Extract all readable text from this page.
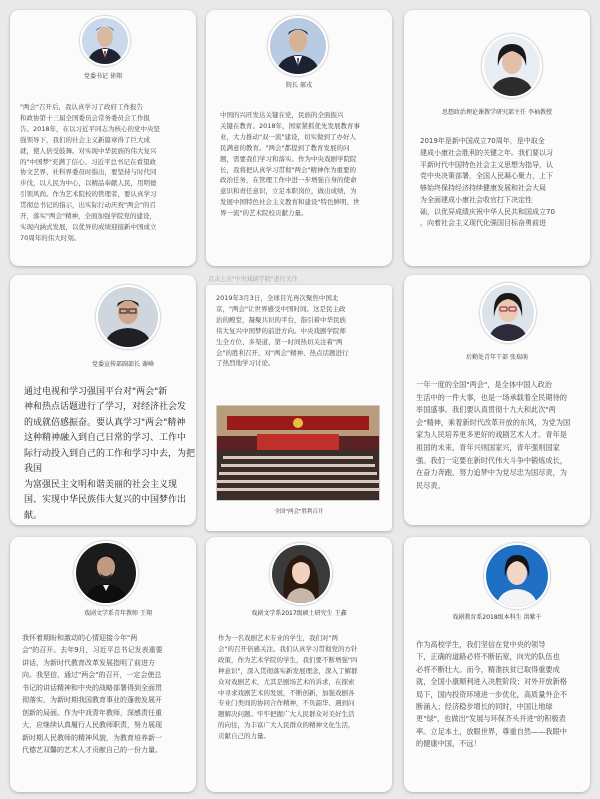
党委书记 徐翔
"两会"召开后，我认真学习了政府工作报告
和政协第十三届全国委员会常务委员会工作报
告。2018年，在以习近平同志为核心的党中央坚
强领导下，我们的社会主义新篇章得了巨大成
就，使人倍受鼓舞。对实现中华民族的伟大复兴
的"中国梦"充满了信心。习近平总书记在看望政
协文艺界、社科界委员时指出，要坚持与时代同
步伐，以人民为中心，以精品奉献人民，用明德
引领风尚。作为艺术院校的管理者，要认真学习
贯彻总书记的指示，出实际行动庆祝"两会"的召
开，落实"两会"精神，全面加强学院党的建设，
实现内涵式发展，以优异的成绩迎接新中国成立
70周年的伟大时刻。
院长 郝戎
中国的兴旺发达关键在党，民族的全面振兴
关键在教育。2018年，国家紧抓优先发展教育事
业，大力推动"双一流"建设，切实做到了办好人
民满意的教育。"两会"都提到了教育发展的问
题，需要我们学习和落实。作为中央戏剧学院院
长，我将把认真学习贯彻"两会"精神作为重要的
政治任务，在管理工作中进一步增强自身的使命
意识和责任意识，立足本职岗位，做出成绩，为
发展中国特色社会主义教育和建设"特色鲜明、世
界一流"的艺术院校贡献力量。
思想政治理论课教学研究部主任 李袖教授
2019年是新中国成立70周年，是中取全
建成小康社会胜利的关键之年。我们要以习
平新时代中国特色社会主义思想为指导，认
党中央决策部署，全国人民凝心聚力，上下
够始终保持经济持续健康发展和社会大局
为全面建成小康社会收官打下决定性
础，以优异成绩庆祝中华人民共和国成立70
，向着社会主义现代化强国目标奋勇前进
党委宣传部副部长 谢峰
通过电视和学习强国平台对"两会"新
神和热点话题进行了学习，对经济社会发
的成就倍感振奋。要认真学习"两会"精神
这种精神融入到自己日常的学习、工作中
际行动投入到自己的工作和学习中去，为把我国
为富强民主文明和谐美丽的社会主义现
国、实现中华民族伟大复兴的中国梦作出
献。
点击上方"中央戏剧学院"进行关注
2019年3月3日，全球目光再次聚焦中国北
京，"两会"让世界感受中国时间。这是民主政
治的殿堂，凝聚共识的平台，指引着中华民族
伟大复兴中国梦的前进方向。中央戏剧学院师
生全方位、多渠道、第一时间热切关注着"两
会"的胜利召开，对"两会"精神、热点话题进行
了热烈地学习讨论。
全国"两会"胜利召开
后勤处青年干部 张瑞萌
一年一度的全国"两会"，是全体中国人政治
生活中的一件大事，也是一场承载着全民期待的
举国盛事。我们要认真贯彻十九大和此次"两
会"精神，乘着新时代改革开放的东风，为党为国
家为人民培养更多更好的戏剧艺术人才。青年是
祖国的未来，青年兴则国家兴，青年强则国家
强。我们一定要在新时代伟大斗争中锻炼成长，
在奋力奔跑、努力追梦中为党尽忠为国尽责，为
民尽责。
戏剧文学系青年教师 王翔
我怀着期盼和激动的心情迎接今年"两
会"的召开。去年9月，习近平总书记发表重要
讲话，为新时代教育改革发展指明了前进方
向。我坚信，通过"两会"的召开，一定会使总
书记的讲话精神和中央的战略部署得到全面贯
彻落实，为新时期我国教育事业的蓬勃发展开
创新的局面。作为中戏青年教师，深感责任重
大，应继续认真履行人民教师职责，努力展现
新时期人民教师的精神风貌，为教育培养新一
代德艺双馨的艺术人才贡献自己的一份力量。
戏剧文学系2017级硕士研究生 王鑫
作为一名戏剧艺术专业的学生，我们对"两
会"的召开倍感关注。我们认真学习贯彻党的方针
政策，作为艺术学院的学生，我们要不断增强"四
种意识"，深入贯彻落实新发展理念，深入了解群
众对戏剧艺术，尤其是剧场艺术的诉求，在探索
中寻求戏剧艺术的发展，不断创新，加强戏剧各
专业门类间的协同合作精神，不负韶华、遇到问
题解决问题。牢牢把握广大人民群众对美好生活
的向往，为丰富广大人民群众的精神文化生活，
贡献自己的力量。
戏剧教育系2018级本科生 洪紫千
作为高校学生，我们坚信在党中央的领导
下，正确的道路必将不断拓宽，向光的队伍也
必将不断壮大。而今，精准扶贫已取得重要成
就，全国小康顺利进入决胜阶段；对外开放新格
局下，国内投资环境进一步优化，高质量外企不
断涌入；经济稳步增长的同时，中国让地球
更"绿"，也做出"发展与环保齐头并进"的积极表
率。立足本土，放眼世界，尊重自然——我眼中
的健康中国，不远！
